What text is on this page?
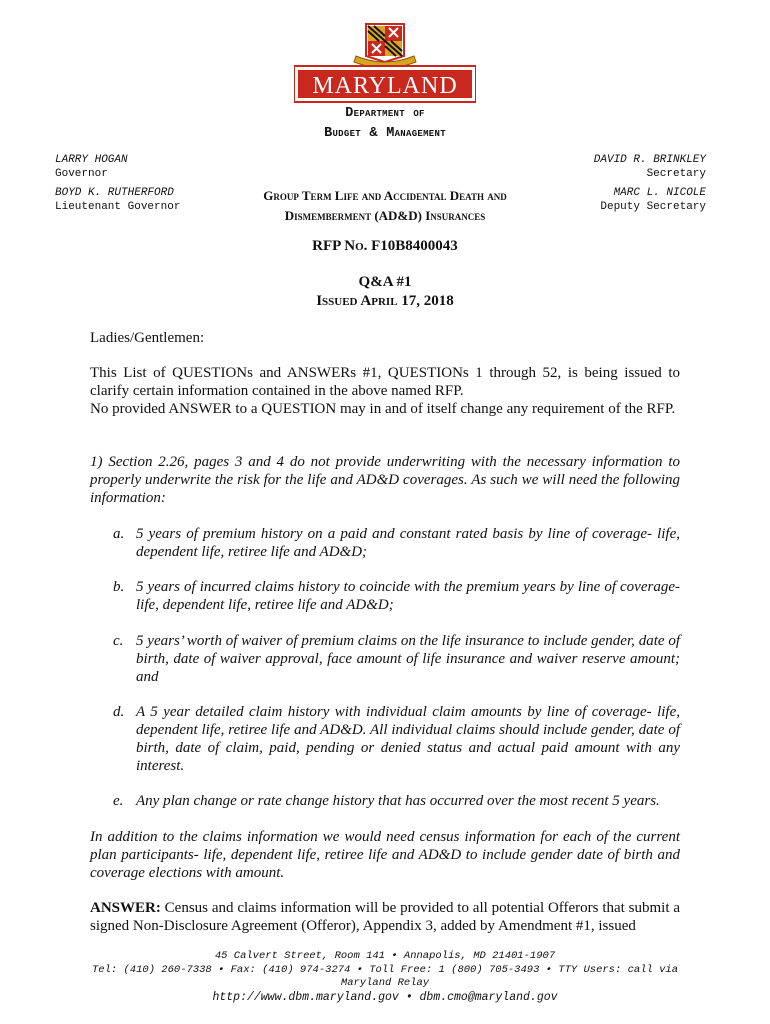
MARYLAND
Department of
Budget & Management
LARRY HOGAN
Governor
BOYD K. RUTHERFORD
Lieutenant Governor
DAVID R. BRINKLEY
Secretary
MARC L. NICOLE
Deputy Secretary
Group Term Life and Accidental Death and
Dismemberment (AD&D) Insurances
RFP No. F10B8400043
Q&A #1
Issued April 17, 2018
Ladies/Gentlemen:
This List of QUESTIONs and ANSWERs #1, QUESTIONs 1 through 52, is being issued to clarify certain information contained in the above named RFP.
No provided ANSWER to a QUESTION may in and of itself change any requirement of the RFP.
1) Section 2.26, pages 3 and 4 do not provide underwriting with the necessary information to properly underwrite the risk for the life and AD&D coverages. As such we will need the following information:
a. 5 years of premium history on a paid and constant rated basis by line of coverage- life, dependent life, retiree life and AD&D;
b. 5 years of incurred claims history to coincide with the premium years by line of coverage- life, dependent life, retiree life and AD&D;
c. 5 years’ worth of waiver of premium claims on the life insurance to include gender, date of birth, date of waiver approval, face amount of life insurance and waiver reserve amount; and
d. A 5 year detailed claim history with individual claim amounts by line of coverage- life, dependent life, retiree life and AD&D. All individual claims should include gender, date of birth, date of claim, paid, pending or denied status and actual paid amount with any interest.
e. Any plan change or rate change history that has occurred over the most recent 5 years.
In addition to the claims information we would need census information for each of the current plan participants- life, dependent life, retiree life and AD&D to include gender date of birth and coverage elections with amount.
ANSWER: Census and claims information will be provided to all potential Offerors that submit a signed Non-Disclosure Agreement (Offeror), Appendix 3, added by Amendment #1, issued
45 Calvert Street, Room 141 • Annapolis, MD 21401-1907
Tel: (410) 260-7338 • Fax: (410) 974-3274 • Toll Free: 1 (800) 705-3493 • TTY Users: call via
Maryland Relay
http://www.dbm.maryland.gov • dbm.cmo@maryland.gov
